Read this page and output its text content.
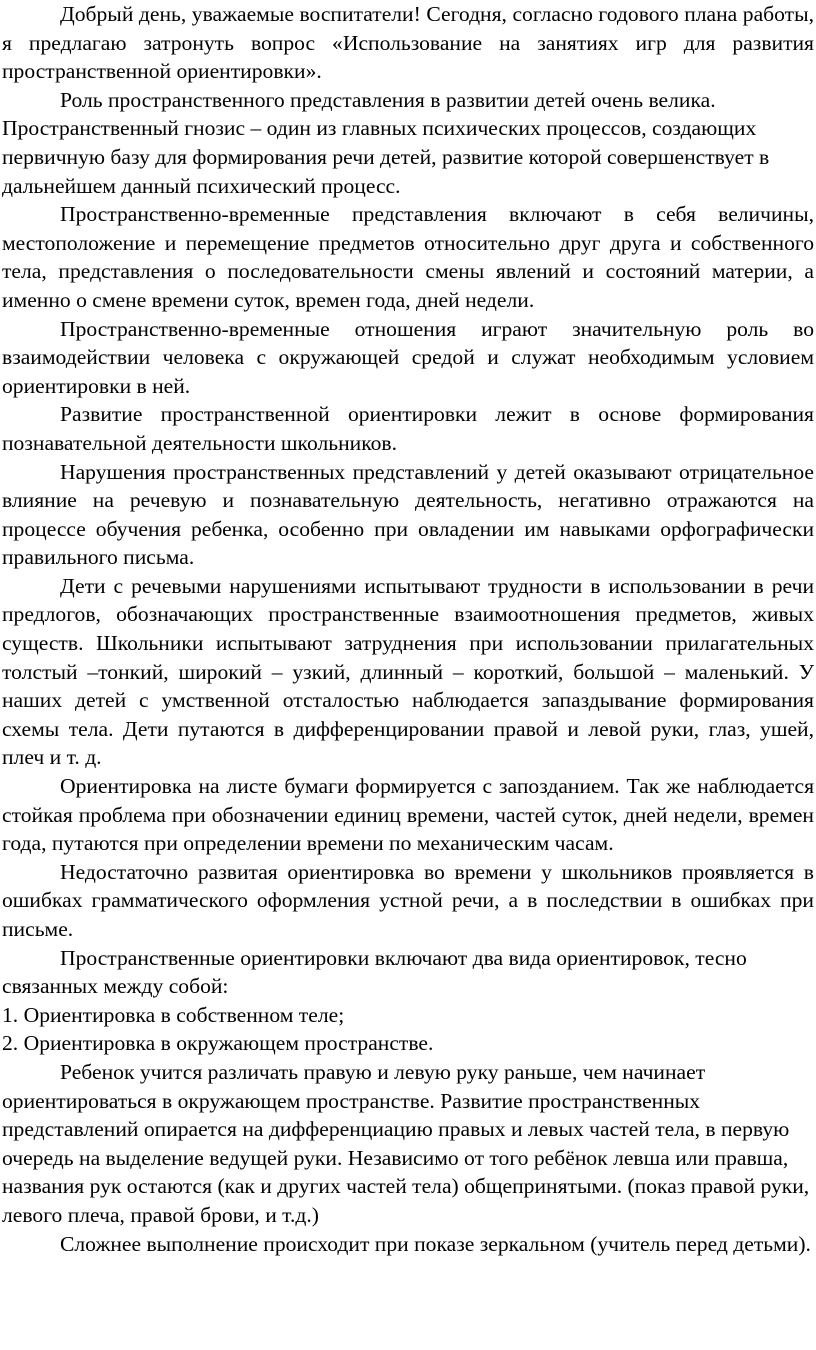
Добрый день, уважаемые воспитатели! Сегодня, согласно годового плана работы, я предлагаю затронуть вопрос «Использование на занятиях игр для развития пространственной ориентировки».

Роль пространственного представления в развитии детей очень велика. Пространственный гнозис – один из главных психических процессов, создающих первичную базу для формирования речи детей, развитие которой совершенствует в дальнейшем данный психический процесс.

Пространственно-временные представления включают в себя величины, местоположение и перемещение предметов относительно друг друга и собственного тела, представления о последовательности смены явлений и состояний материи, а именно о смене времени суток, времен года, дней недели.

Пространственно-временные отношения играют значительную роль во взаимодействии человека с окружающей средой и служат необходимым условием ориентировки в ней.

Развитие пространственной ориентировки лежит в основе формирования познавательной деятельности школьников.

Нарушения пространственных представлений у детей оказывают отрицательное влияние на речевую и познавательную деятельность, негативно отражаются на процессе обучения ребенка, особенно при овладении им навыками орфографически правильного письма.

Дети с речевыми нарушениями испытывают трудности в использовании в речи предлогов, обозначающих пространственные взаимоотношения предметов, живых существ. Школьники испытывают затруднения при использовании прилагательных толстый –тонкий, широкий – узкий, длинный – короткий, большой – маленький. У наших детей с умственной отсталостью наблюдается запаздывание формирования схемы тела. Дети путаются в дифференцировании правой и левой руки, глаз, ушей, плеч и т. д.

Ориентировка на листе бумаги формируется с запозданием. Так же наблюдается стойкая проблема при обозначении единиц времени, частей суток, дней недели, времен года, путаются при определении времени по механическим часам.

Недостаточно развитая ориентировка во времени у школьников проявляется в ошибках грамматического оформления устной речи, а в последствии в ошибках при письме.

Пространственные ориентировки включают два вида ориентировок, тесно связанных между собой:

1. Ориентировка в собственном теле;

2. Ориентировка в окружающем пространстве.

Ребенок учится различать правую и левую руку раньше, чем начинает ориентироваться в окружающем пространстве. Развитие пространственных представлений опирается на дифференциацию правых и левых частей тела, в первую очередь на выделение ведущей руки. Независимо от того ребёнок левша или правша, названия рук остаются (как и других частей тела) общепринятыми. (показ правой руки, левого плеча, правой брови, и т.д.)

Сложнее выполнение происходит при показе зеркальном (учитель перед детьми).
